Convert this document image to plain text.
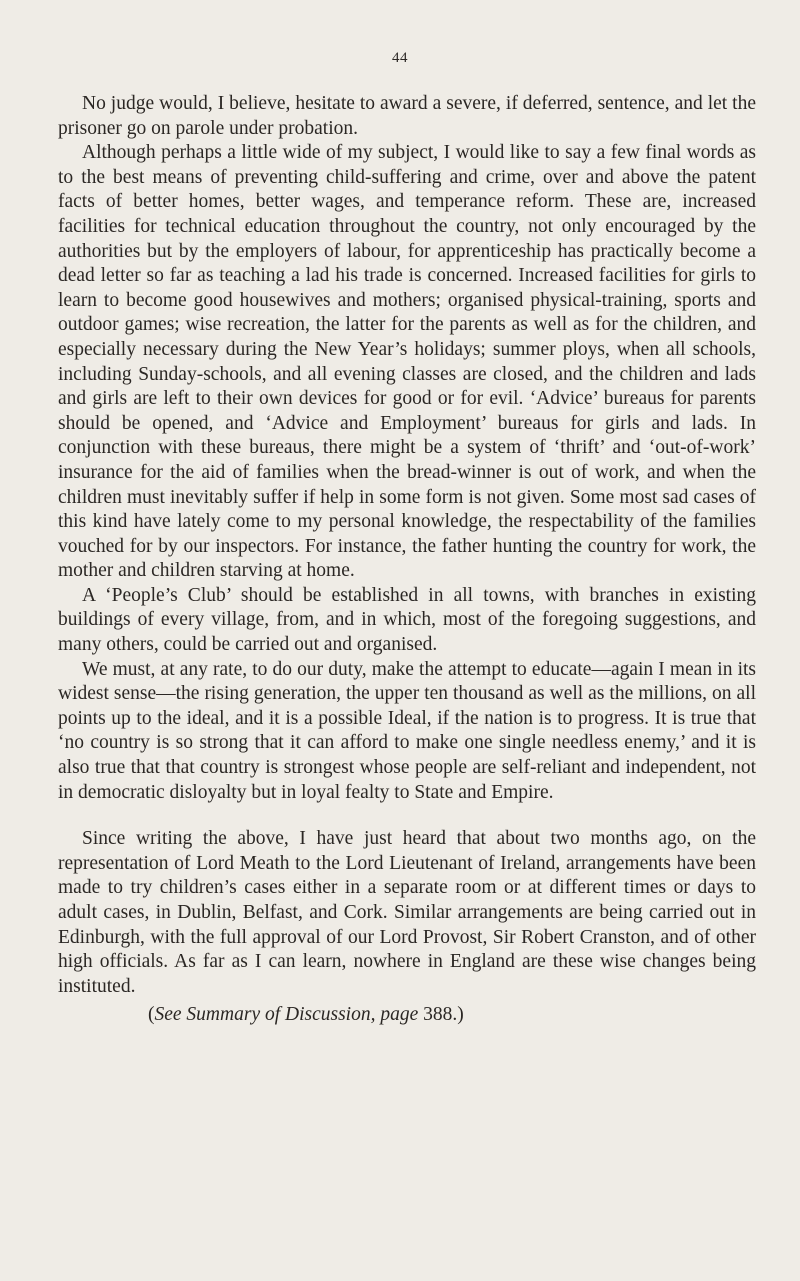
44

No judge would, I believe, hesitate to award a severe, if deferred, sentence, and let the prisoner go on parole under probation.

Although perhaps a little wide of my subject, I would like to say a few final words as to the best means of preventing child-suffering and crime, over and above the patent facts of better homes, better wages, and temperance reform. These are, increased facilities for technical education throughout the country, not only encouraged by the authorities but by the employers of labour, for apprenticeship has practically become a dead letter so far as teaching a lad his trade is concerned. Increased facilities for girls to learn to become good housewives and mothers; organised physical-training, sports and outdoor games; wise recreation, the latter for the parents as well as for the children, and especially necessary during the New Year’s holidays; summer ploys, when all schools, including Sunday-schools, and all evening classes are closed, and the children and lads and girls are left to their own devices for good or for evil. ‘Advice’ bureaus for parents should be opened, and ‘Advice and Employment’ bureaus for girls and lads. In conjunction with these bureaus, there might be a system of ‘thrift’ and ‘out-of-work’ insurance for the aid of families when the bread-winner is out of work, and when the children must inevitably suffer if help in some form is not given. Some most sad cases of this kind have lately come to my personal knowledge, the respectability of the families vouched for by our inspectors. For instance, the father hunting the country for work, the mother and children starving at home.

A ‘People’s Club’ should be established in all towns, with branches in existing buildings of every village, from, and in which, most of the foregoing suggestions, and many others, could be carried out and organised.

We must, at any rate, to do our duty, make the attempt to educate—again I mean in its widest sense—the rising generation, the upper ten thousand as well as the millions, on all points up to the ideal, and it is a possible Ideal, if the nation is to progress. It is true that ‘no country is so strong that it can afford to make one single needless enemy,’ and it is also true that that country is strongest whose people are self-reliant and independent, not in democratic disloyalty but in loyal fealty to State and Empire.

Since writing the above, I have just heard that about two months ago, on the representation of Lord Meath to the Lord Lieutenant of Ireland, arrangements have been made to try children’s cases either in a separate room or at different times or days to adult cases, in Dublin, Belfast, and Cork. Similar arrangements are being carried out in Edinburgh, with the full approval of our Lord Provost, Sir Robert Cranston, and of other high officials. As far as I can learn, nowhere in England are these wise changes being instituted.

(See Summary of Discussion, page 388.)
